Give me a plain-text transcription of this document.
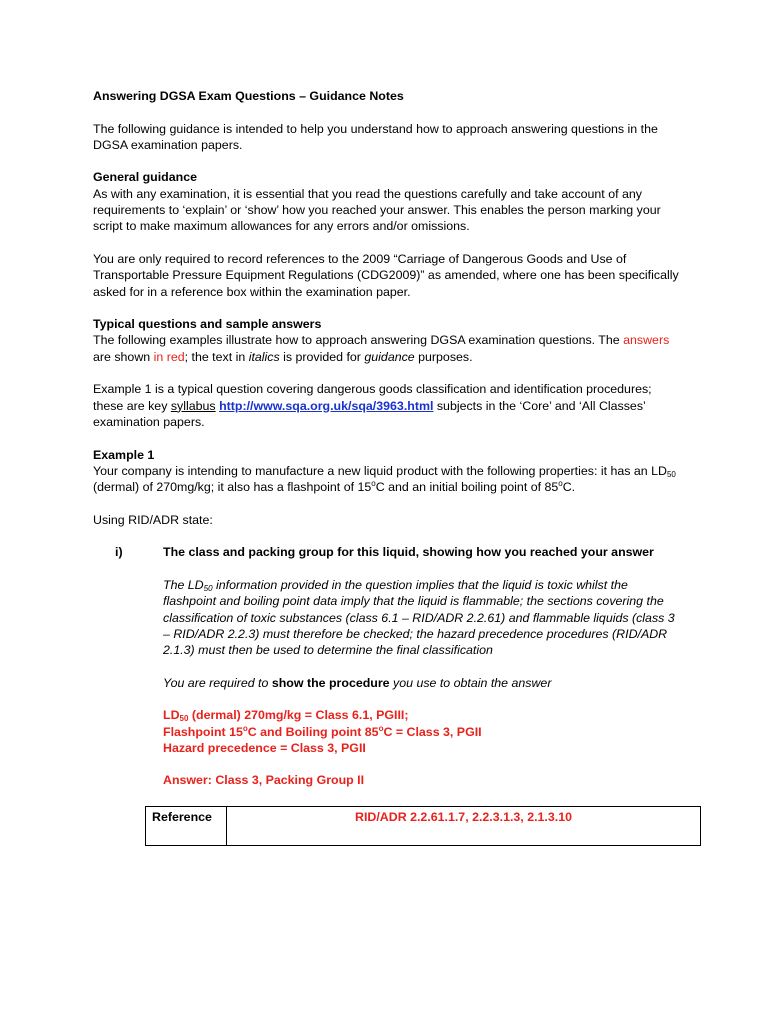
Answering DGSA Exam Questions – Guidance Notes

The following guidance is intended to help you understand how to approach answering questions in the DGSA examination papers.

General guidance

As with any examination, it is essential that you read the questions carefully and take account of any requirements to ‘explain’ or ‘show’ how you reached your answer. This enables the person marking your script to make maximum allowances for any errors and/or omissions.

You are only required to record references to the 2009 “Carriage of Dangerous Goods and Use of Transportable Pressure Equipment Regulations (CDG2009)” as amended, where one has been specifically asked for in a reference box within the examination paper.

Typical questions and sample answers

The following examples illustrate how to approach answering DGSA examination questions. The answers are shown in red; the text in italics is provided for guidance purposes.

Example 1 is a typical question covering dangerous goods classification and identification procedures; these are key syllabus http://www.sqa.org.uk/sqa/3963.html subjects in the ‘Core’ and ‘All Classes’ examination papers.

Example 1

Your company is intending to manufacture a new liquid product with the following properties: it has an $LD_{50}$ (dermal) of 270mg/kg; it also has a flashpoint of 15$^o$C and an initial boiling point of 85$^o$C.

Using RID/ADR state:

i)	The class and packing group for this liquid, showing how you reached your answer

The $LD_{50}$ information provided in the question implies that the liquid is toxic whilst the flashpoint and boiling point data imply that the liquid is flammable; the sections covering the classification of toxic substances (class 6.1 – RID/ADR 2.2.61) and flammable liquids (class 3 – RID/ADR 2.2.3) must therefore be checked; the hazard precedence procedures (RID/ADR 2.1.3) must then be used to determine the final classification

You are required to show the procedure you use to obtain the answer

$LD_{50}$ (dermal) 270mg/kg = Class 6.1, PGIII;

Flashpoint 15$^o$C and Boiling point $85^oC$ = Class 3, PGII

Hazard precedence = Class 3, PGII

Answer: Class 3, Packing Group II

Reference	RID/ADR 2.2.61.1.7, 2.2.3.1.3, 2.1.3.10
